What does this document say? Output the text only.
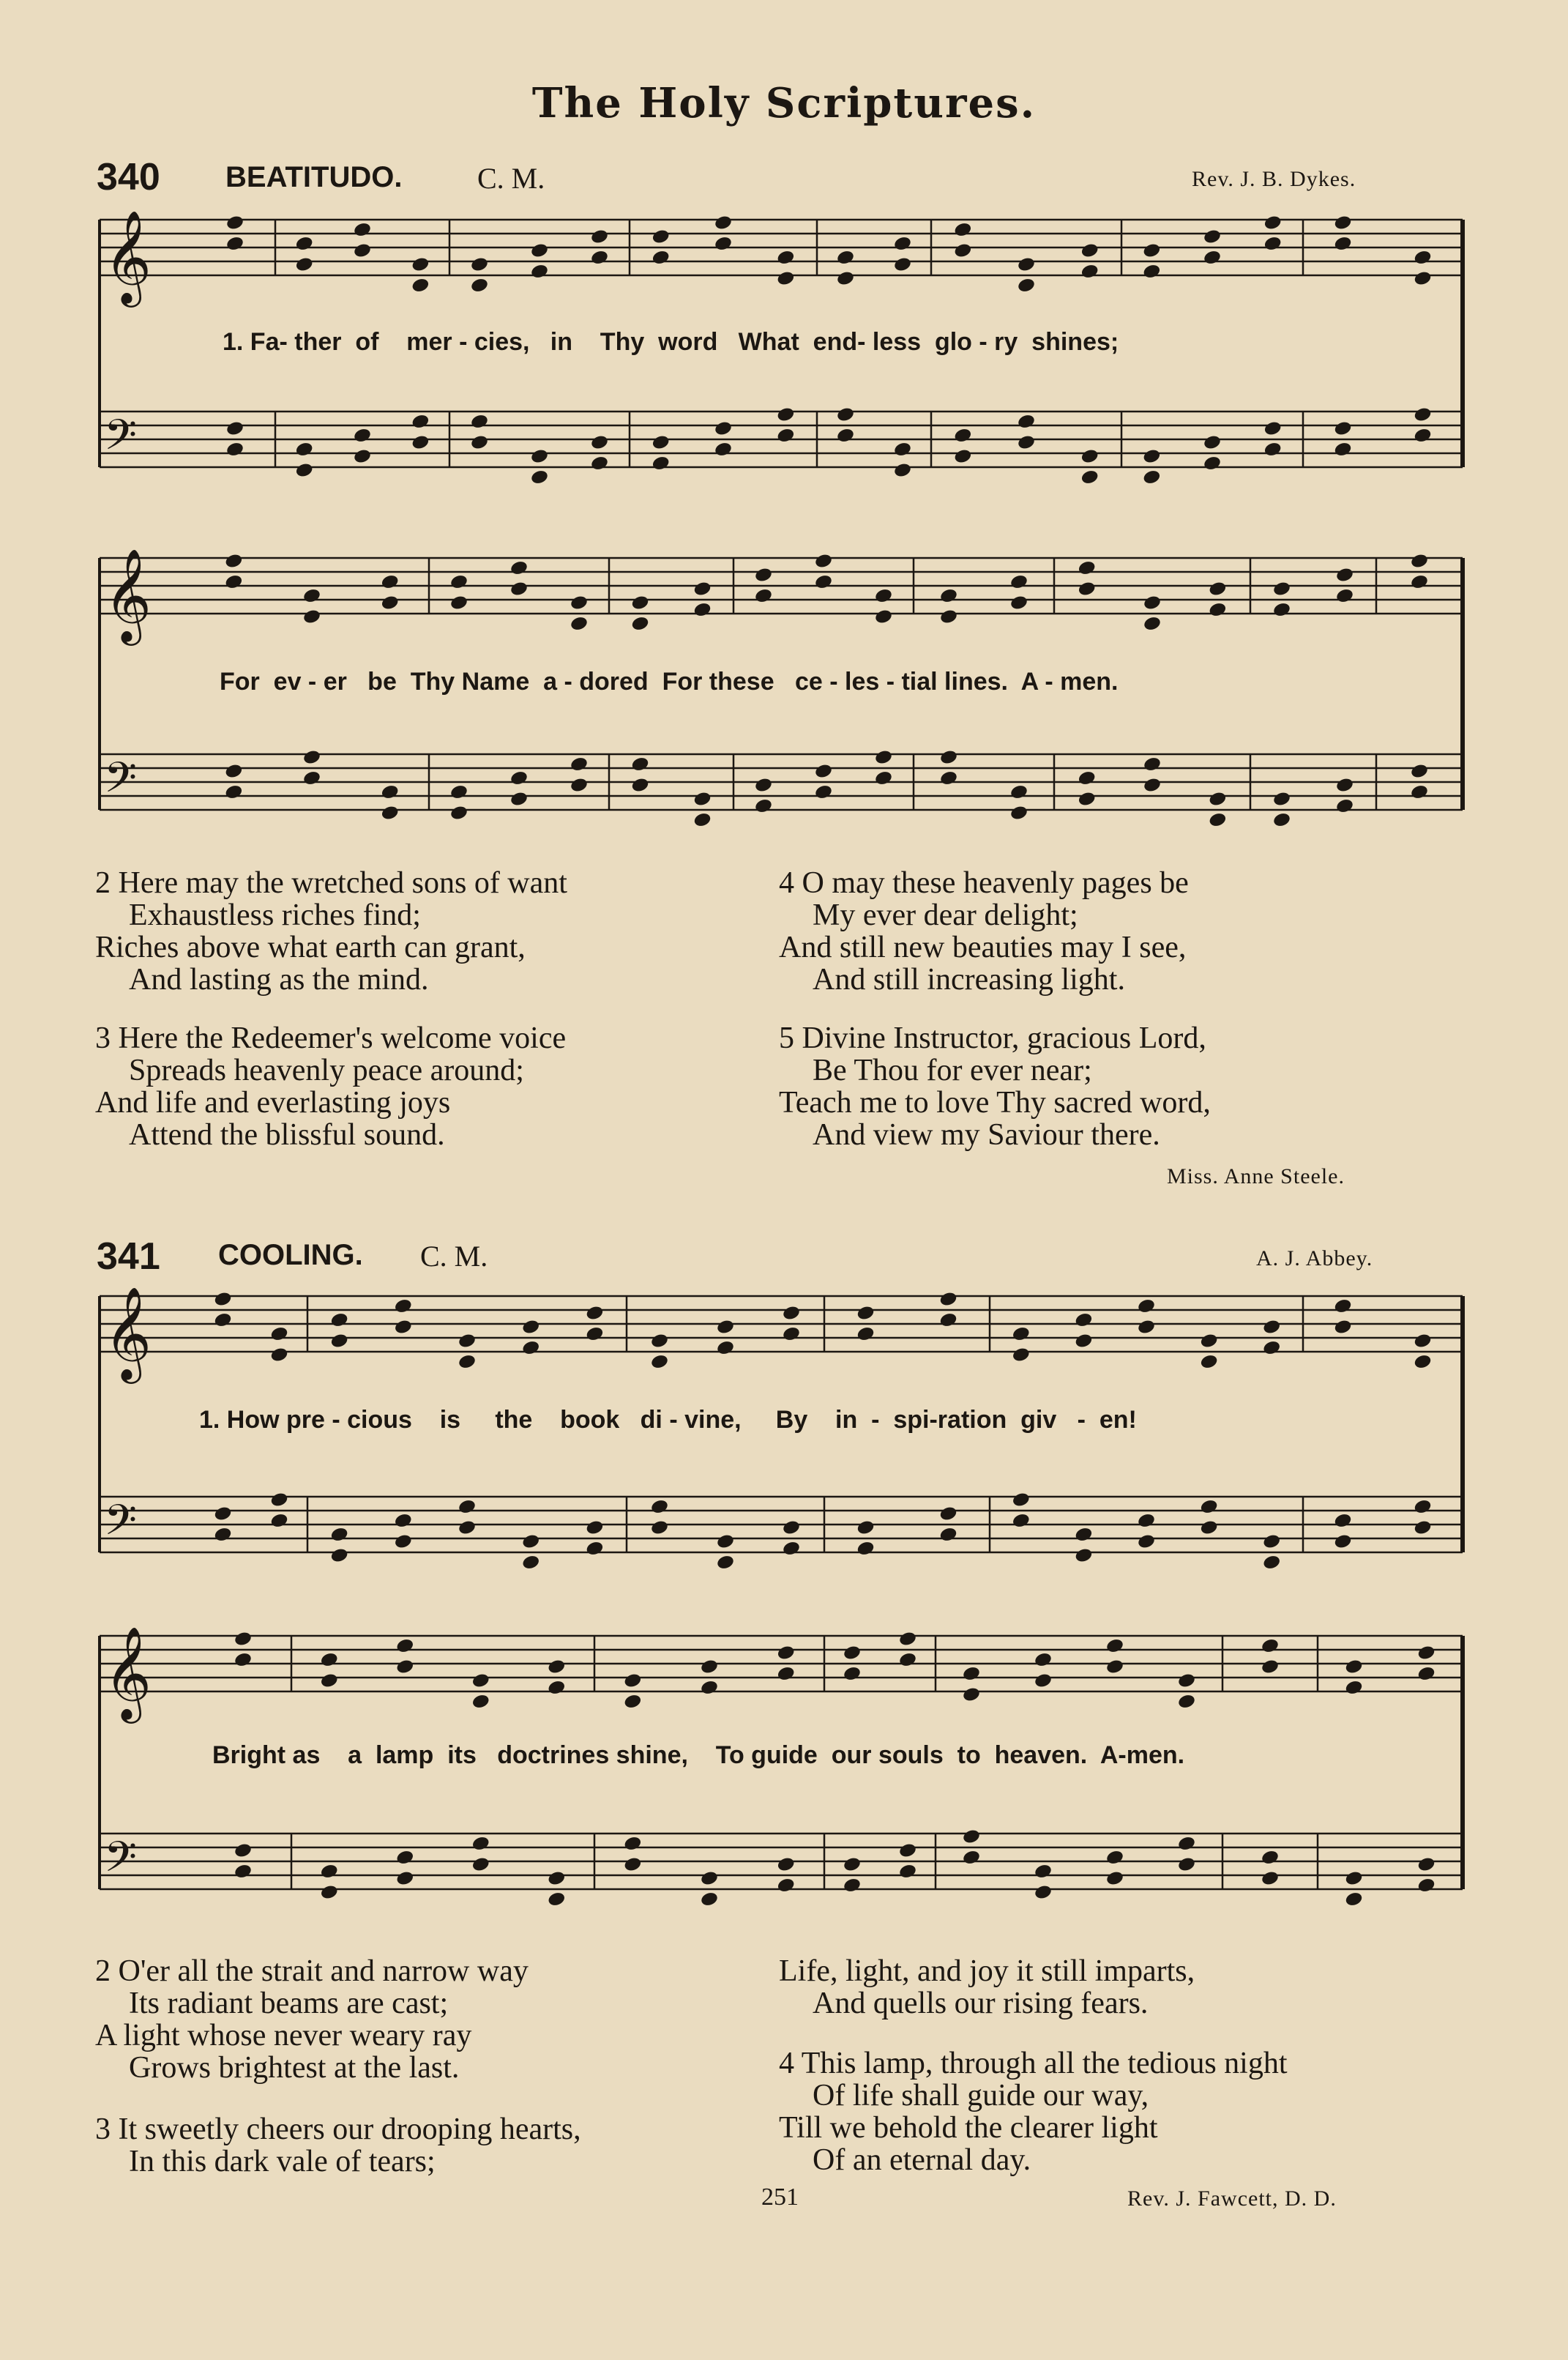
The Holy Scriptures.
340 BEATITUDO.	C. M.	Rev. J. B. Dykes.
𝄞
𝄢
1. Fa- ther  of    mer - cies,   in    Thy  word   What  end- less  glo - ry  shines;
𝄞
𝄢
For  ev - er   be  Thy Name  a - dored  For these   ce - les - tial lines.  A - men.
2 Here may the wretched sons of want
Exhaustless riches find;
Riches above what earth can grant,
And lasting as the mind.
3 Here the Redeemer's welcome voice
Spreads heavenly peace around;
And life and everlasting joys
Attend the blissful sound.
4 O may these heavenly pages be
My ever dear delight;
And still new beauties may I see,
And still increasing light.
5 Divine Instructor, gracious Lord,
Be Thou for ever near;
Teach me to love Thy sacred word,
And view my Saviour there.
Miss. Anne Steele.
341 COOLING. C. M.	A. J. Abbey.
𝄞
𝄢
1. How pre - cious    is     the    book   di - vine,     By    in  -  spi-ration  giv   -  en!
𝄞
𝄢
Bright as    a  lamp  its   doctrines shine,    To guide  our souls  to  heaven.  A-men.
2 O'er all the strait and narrow way
Its radiant beams are cast;
A light whose never weary ray
Grows brightest at the last.
3 It sweetly cheers our drooping hearts,
In this dark vale of tears;
Life, light, and joy it still imparts,
And quells our rising fears.
4 This lamp, through all the tedious night
Of life shall guide our way,
Till we behold the clearer light
Of an eternal day.
251	Rev. J. Fawcett, D. D.
